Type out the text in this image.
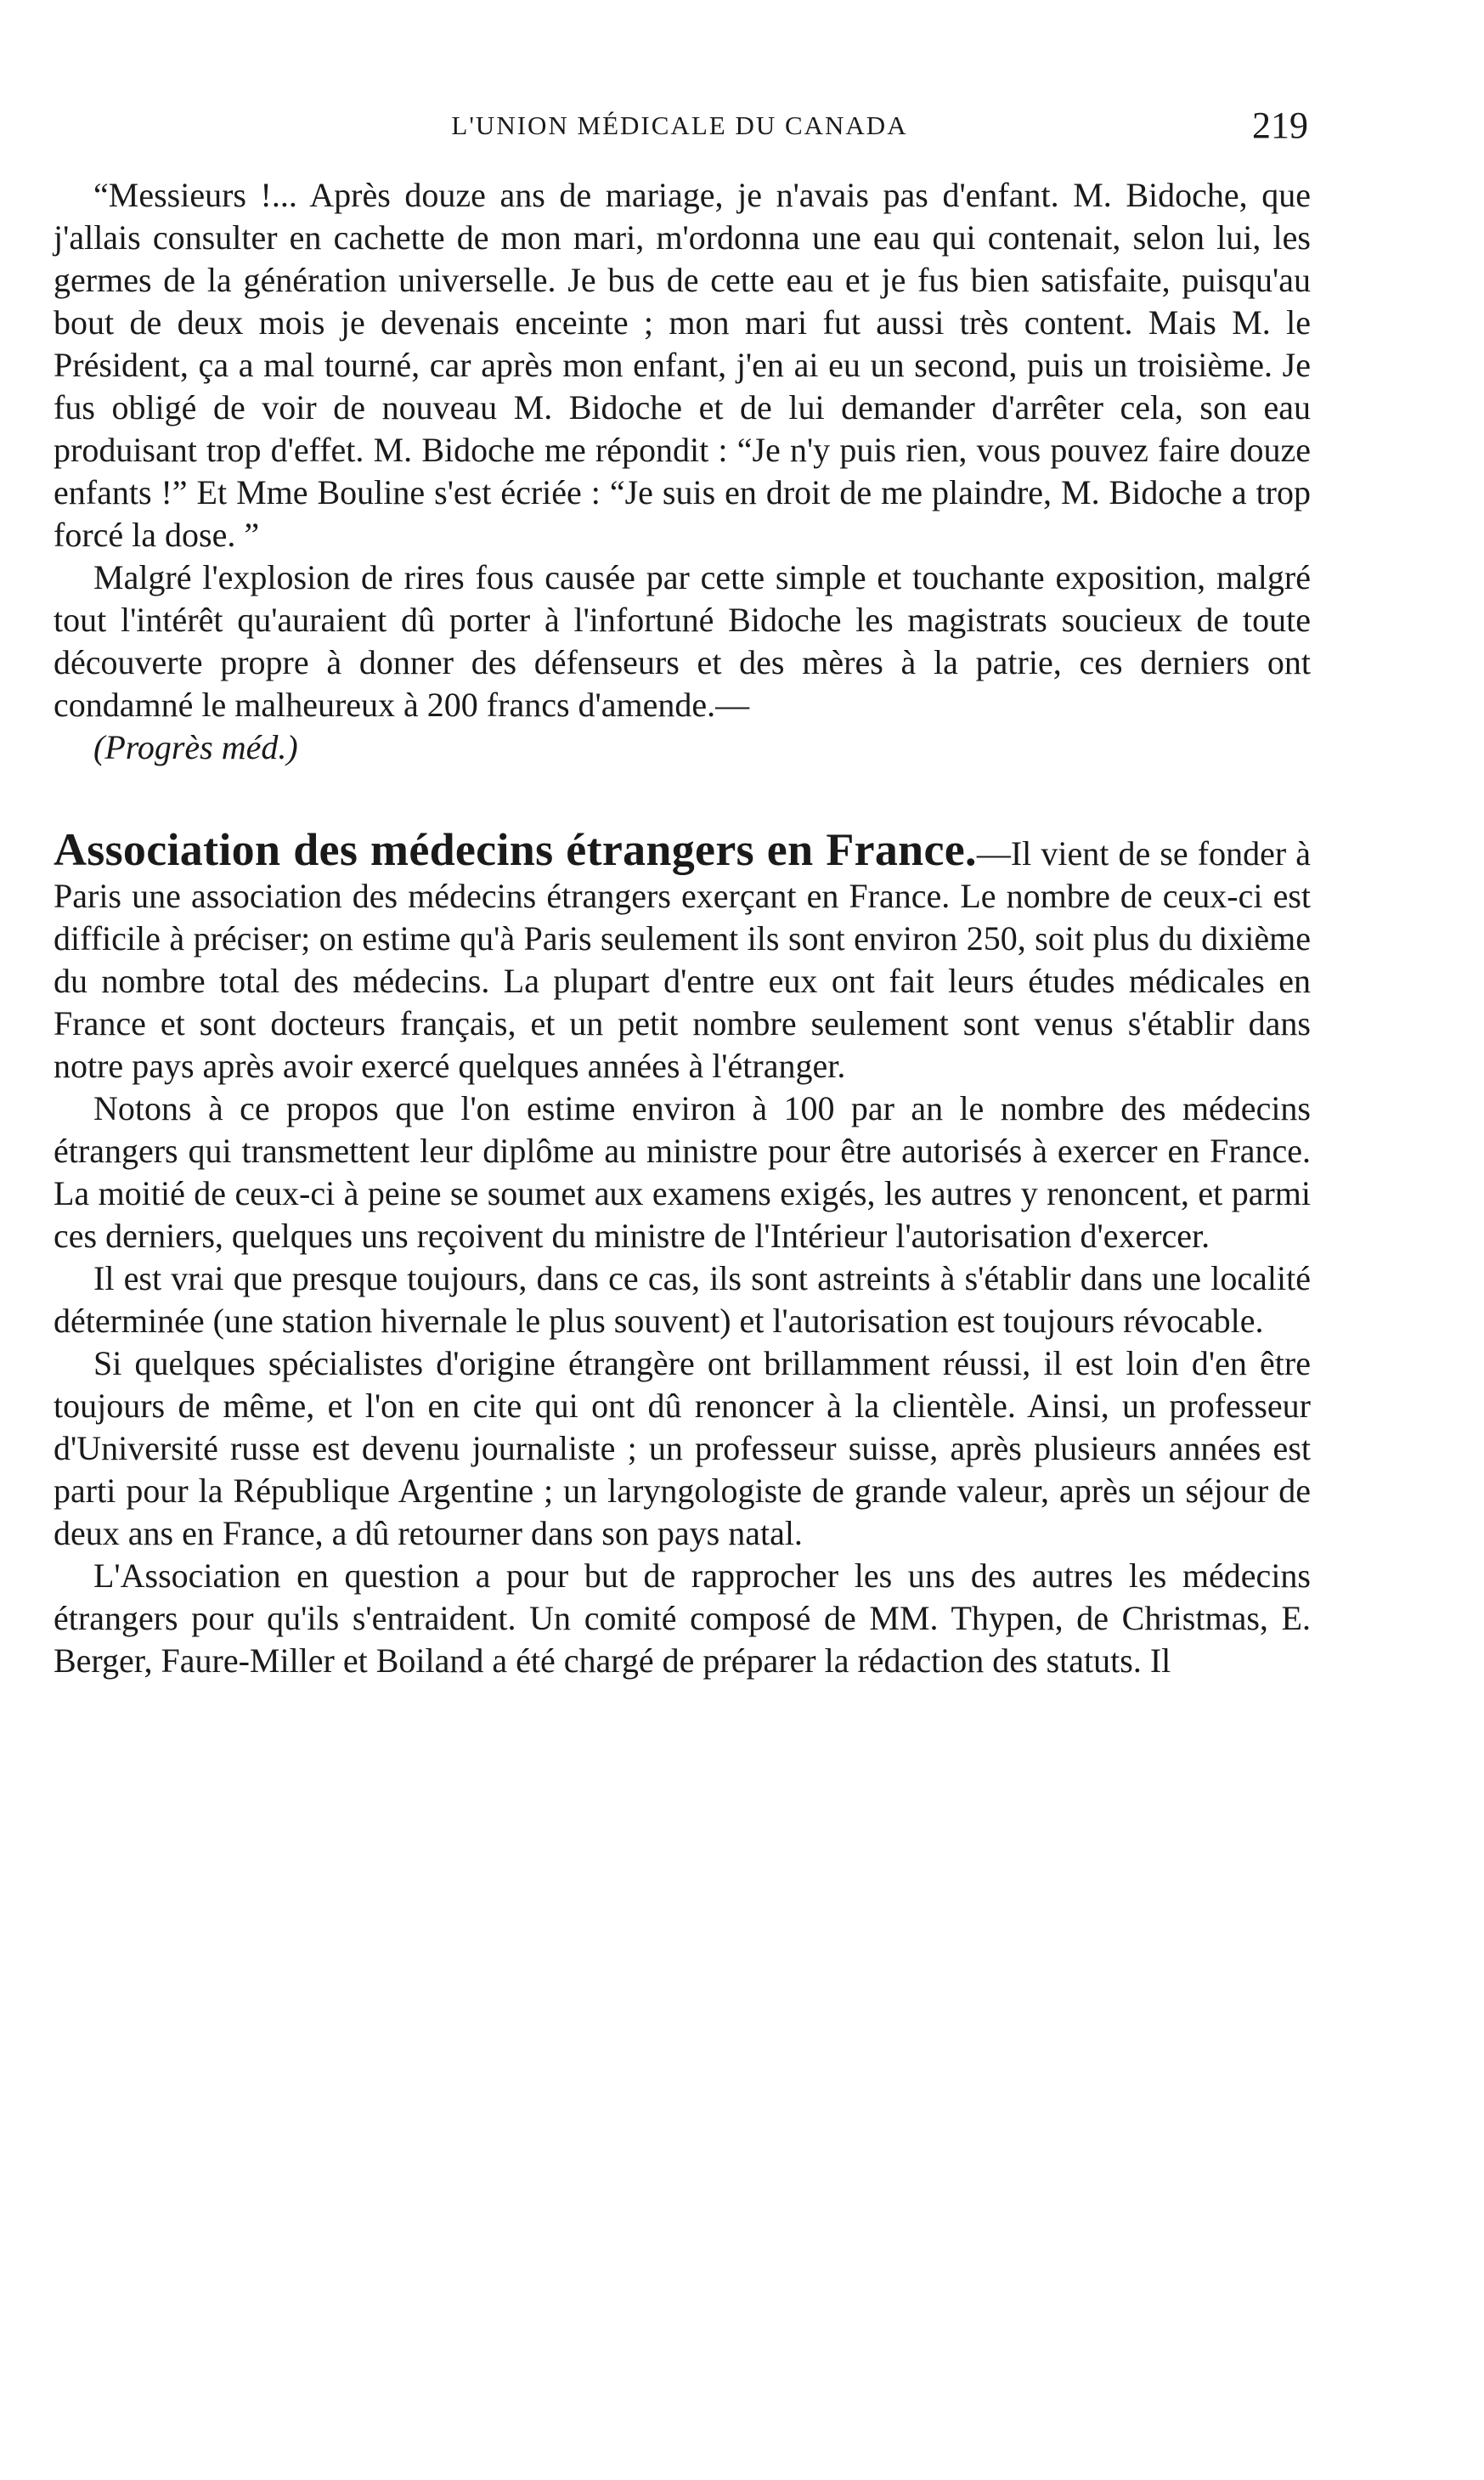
L'UNION MÉDICALE DU CANADA	219

“Messieurs !... Après douze ans de mariage, je n'avais pas d'enfant. M. Bidoche, que j'allais consulter en cachette de mon mari, m'ordonna une eau qui contenait, selon lui, les germes de la génération universelle. Je bus de cette eau et je fus bien satisfaite, puisqu'au bout de deux mois je devenais enceinte ; mon mari fut aussi très content. Mais M. le Président, ça a mal tourné, car après mon enfant, j'en ai eu un second, puis un troisième. Je fus obligé de voir de nouveau M. Bidoche et de lui demander d'arrêter cela, son eau produisant trop d'effet. M. Bidoche me répondit : “Je n'y puis rien, vous pouvez faire douze enfants !” Et Mme Bouline s'est écriée : “Je suis en droit de me plaindre, M. Bidoche a trop forcé la dose. ”

Malgré l'explosion de rires fous causée par cette simple et touchante exposition, malgré tout l'intérêt qu'auraient dû porter à l'infortuné Bidoche les magistrats soucieux de toute découverte propre à donner des défenseurs et des mères à la patrie, ces derniers ont condamné le malheureux à 200 francs d'amende.—

(Progrès méd.)

Association des médecins étrangers en France.—Il vient de se fonder à Paris une association des médecins étrangers exerçant en France. Le nombre de ceux-ci est difficile à préciser; on estime qu'à Paris seulement ils sont environ 250, soit plus du dixième du nombre total des médecins. La plupart d'entre eux ont fait leurs études médicales en France et sont docteurs français, et un petit nombre seulement sont venus s'établir dans notre pays après avoir exercé quelques années à l'étranger.

Notons à ce propos que l'on estime environ à 100 par an le nombre des médecins étrangers qui transmettent leur diplôme au ministre pour être autorisés à exercer en France. La moitié de ceux-ci à peine se soumet aux examens exigés, les autres y renoncent, et parmi ces derniers, quelques uns reçoivent du ministre de l'Intérieur l'autorisation d'exercer.

Il est vrai que presque toujours, dans ce cas, ils sont astreints à s'établir dans une localité déterminée (une station hivernale le plus souvent) et l'autorisation est toujours révocable.

Si quelques spécialistes d'origine étrangère ont brillamment réussi, il est loin d'en être toujours de même, et l'on en cite qui ont dû renoncer à la clientèle. Ainsi, un professeur d'Université russe est devenu journaliste ; un professeur suisse, après plusieurs années est parti pour la République Argentine ; un laryngologiste de grande valeur, après un séjour de deux ans en France, a dû retourner dans son pays natal.

L'Association en question a pour but de rapprocher les uns des autres les médecins étrangers pour qu'ils s'entraident. Un comité composé de MM. Thypen, de Christmas, E. Berger, Faure-Miller et Boiland a été chargé de préparer la rédaction des statuts. Il
